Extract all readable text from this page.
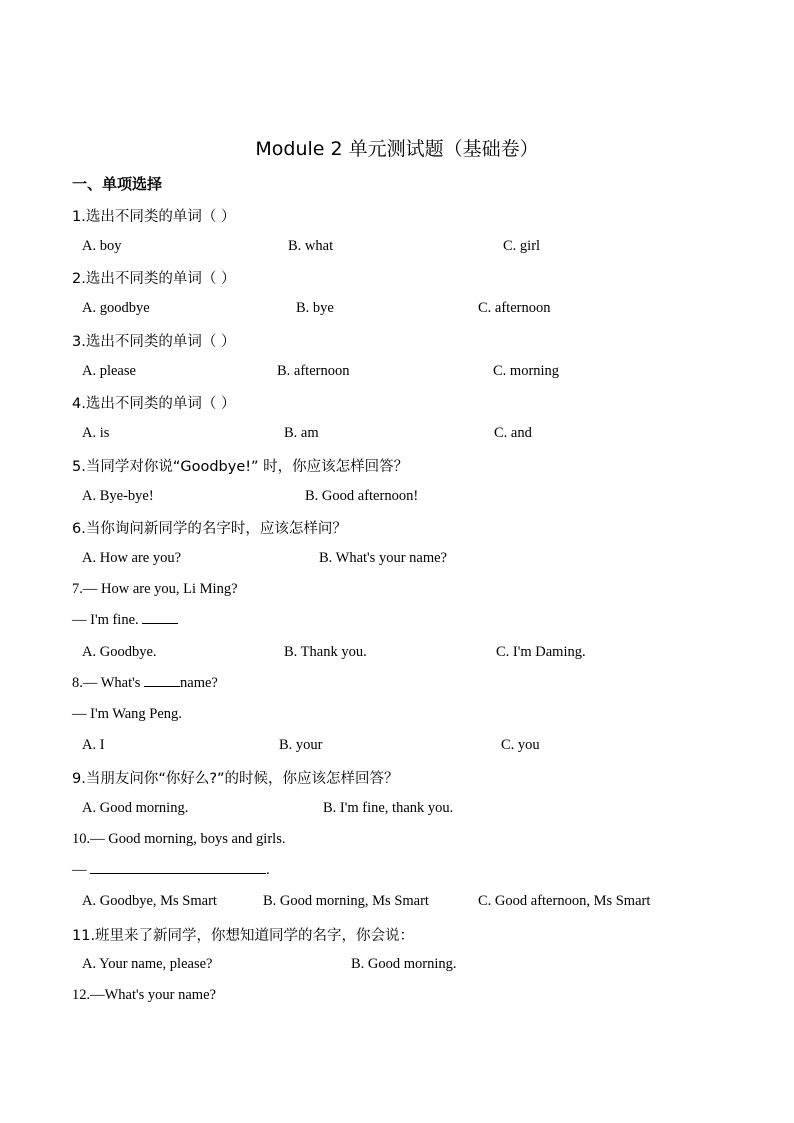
Module 2 单元测试题（基础卷）
一、单项选择
1.选出不同类的单词（ ）
A. boy	B. what	C. girl
2.选出不同类的单词（ ）
A. goodbye	B. bye	C. afternoon
3.选出不同类的单词（ ）
A. please	B. afternoon	C. morning
4.选出不同类的单词（ ）
A. is	B. am	C. and
5.当同学对你说“Goodbye!” 时，你应该怎样回答？
A. Bye-bye!	B. Good afternoon!
6.当你询问新同学的名字时，应该怎样问？
A. How are you?	B. What's your name?
7.— How are you, Li Ming?
— I'm fine.
A. Goodbye.	B. Thank you.	C. I'm Daming.
8.— What's name?
— I'm Wang Peng.
A. I	B. your	C. you
9.当朋友问你“你好么?”的时候，你应该怎样回答？
A. Good morning.	B. I'm fine, thank you.
10.— Good morning, boys and girls.
—	.
A. Goodbye, Ms Smart	B. Good morning, Ms Smart	C. Good afternoon, Ms Smart
11.班里来了新同学，你想知道同学的名字，你会说：
A. Your name, please?	B. Good morning.
12.—What's your name?
